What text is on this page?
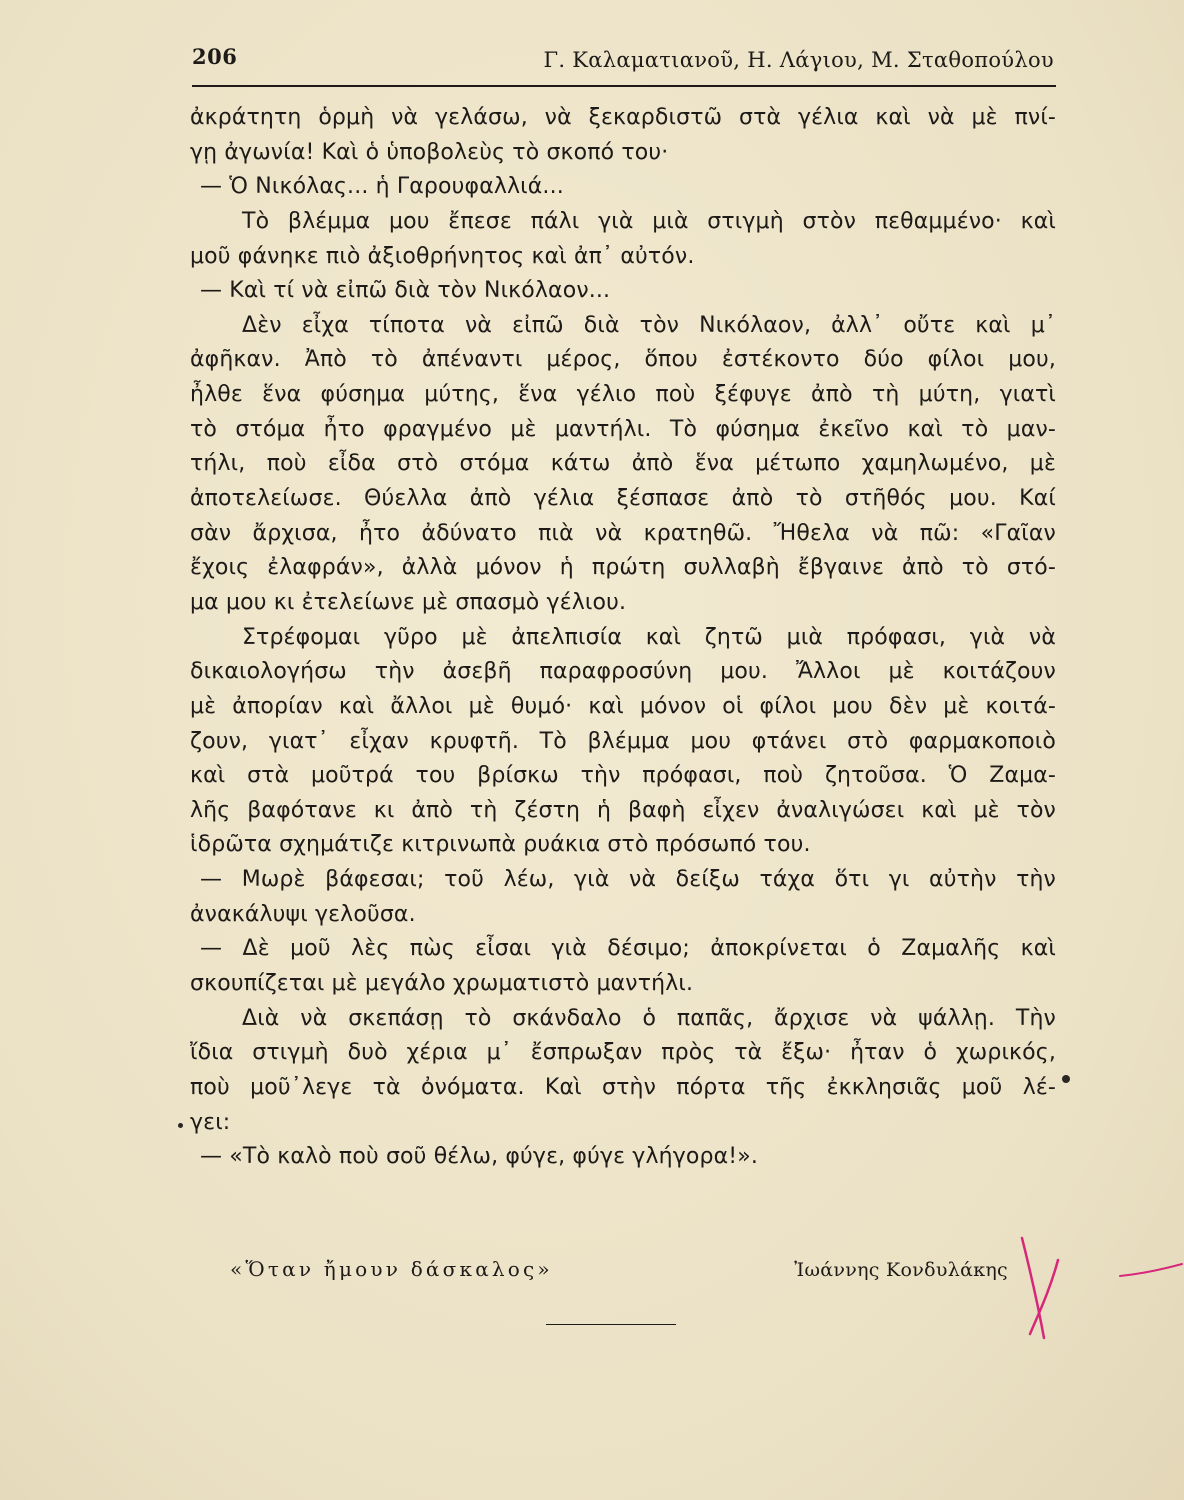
206	Γ. Καλαματιανοῦ, Η. Λάγιου, Μ. Σταθοπούλου
ἀκράτητη ὁρμὴ νὰ γελάσω, νὰ ξεκαρδιστῶ στὰ γέλια καὶ νὰ μὲ πνί-
γῃ ἀγωνία! Καὶ ὁ ὑποβολεὺς τὸ σκοπό του·
— Ὁ Νικόλας... ἡ Γαρουφαλλιά...
Τὸ βλέμμα μου ἔπεσε πάλι γιὰ μιὰ στιγμὴ στὸν πεθαμμένο· καὶ
μοῦ φάνηκε πιὸ ἀξιοθρήνητος καὶ ἀπ᾿ αὐτόν.
— Καὶ τί νὰ εἰπῶ διὰ τὸν Νικόλαον...
Δὲν εἶχα τίποτα νὰ εἰπῶ διὰ τὸν Νικόλαον, ἀλλ᾿ οὔτε καὶ μ᾿
ἀφῆκαν. Ἀπὸ τὸ ἀπέναντι μέρος, ὅπου ἐστέκοντο δύο φίλοι μου,
ἦλθε ἕνα φύσημα μύτης, ἕνα γέλιο ποὺ ξέφυγε ἀπὸ τὴ μύτη, γιατὶ
τὸ στόμα ἦτο φραγμένο μὲ μαντήλι. Τὸ φύσημα ἐκεῖνο καὶ τὸ μαν-
τήλι, ποὺ εἶδα στὸ στόμα κάτω ἀπὸ ἕνα μέτωπο χαμηλωμένο, μὲ
ἀποτελείωσε. Θύελλα ἀπὸ γέλια ξέσπασε ἀπὸ τὸ στῆθός μου. Καί
σὰν ἄρχισα, ἦτο ἀδύνατο πιὰ νὰ κρατηθῶ. Ἤθελα νὰ πῶ: «Γαῖαν
ἔχοις ἐλαφράν», ἀλλὰ μόνον ἡ πρώτη συλλαβὴ ἔβγαινε ἀπὸ τὸ στό-
μα μου κι ἐτελείωνε μὲ σπασμὸ γέλιου.
Στρέφομαι γῦρο μὲ ἀπελπισία καὶ ζητῶ μιὰ πρόφασι, γιὰ νὰ
δικαιολογήσω τὴν ἀσεβῆ παραφροσύνη μου. Ἄλλοι μὲ κοιτάζουν
μὲ ἀπορίαν καὶ ἄλλοι μὲ θυμό· καὶ μόνον οἱ φίλοι μου δὲν μὲ κοιτά-
ζουν, γιατ᾿ εἶχαν κρυφτῆ. Τὸ βλέμμα μου φτάνει στὸ φαρμακοποιὸ
καὶ στὰ μοῦτρά του βρίσκω τὴν πρόφασι, ποὺ ζητοῦσα. Ὁ Ζαμα-
λῆς βαφότανε κι ἀπὸ τὴ ζέστη ἡ βαφὴ εἶχεν ἀναλιγώσει καὶ μὲ τὸν
ἱδρῶτα σχημάτιζε κιτρινωπὰ ρυάκια στὸ πρόσωπό του.
— Μωρὲ βάφεσαι; τοῦ λέω, γιὰ νὰ δείξω τάχα ὅτι γι αὐτὴν τὴν
ἀνακάλυψι γελοῦσα.
— Δὲ μοῦ λὲς πὼς εἶσαι γιὰ δέσιμο; ἀποκρίνεται ὁ Ζαμαλῆς καὶ
σκουπίζεται μὲ μεγάλο χρωματιστὸ μαντήλι.
Διὰ νὰ σκεπάσῃ τὸ σκάνδαλο ὁ παπᾶς, ἄρχισε νὰ ψάλλῃ. Τὴν
ἴδια στιγμὴ δυὸ χέρια μ᾿ ἔσπρωξαν πρὸς τὰ ἔξω· ἦταν ὁ χωρικός,
ποὺ μοῦ᾿λεγε τὰ ὀνόματα. Καὶ στὴν πόρτα τῆς ἐκκλησιᾶς μοῦ λέ-
γει:
— «Τὸ καλὸ ποὺ σοῦ θέλω, φύγε, φύγε γλήγορα!».
«Ὅταν ἤμουν δάσκαλος»	Ἰωάννης Κονδυλάκης
